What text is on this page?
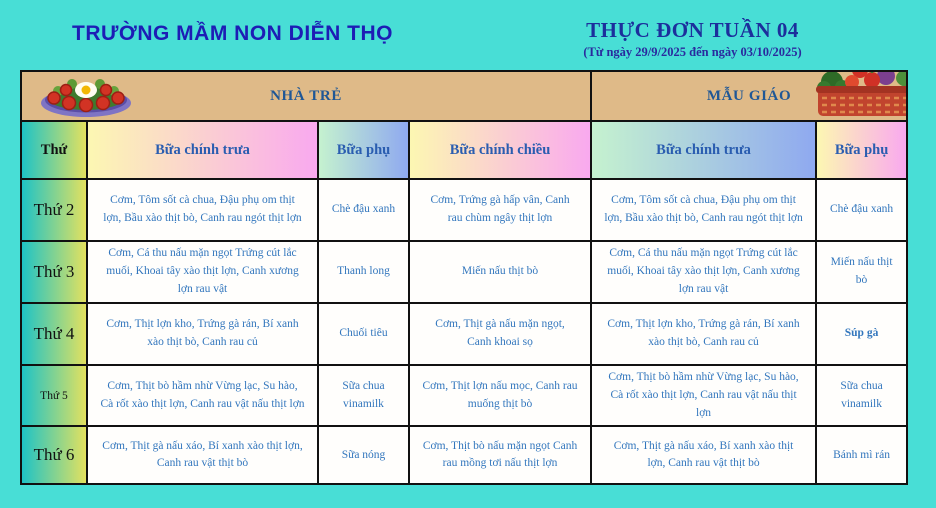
TRƯỜNG MẦM NON DIỄN THỌ	THỰC ĐƠN TUẦN 04
(Từ ngày 29/9/2025 đến ngày 03/10/2025)
NHÀ TRẺ				MẪU GIÁO	

Thứ	Bữa chính trưa	Bữa phụ	Bữa chính chiều	Bữa chính trưa	Bữa phụ
Thứ 2	Cơm, Tôm sốt cà chua, Đậu phụ om thịt lợn, Bầu xào thịt bò, Canh rau ngót thịt lợn	Chè đậu xanh	Cơm, Trứng gà hấp vân, Canh rau chùm ngây thịt lợn	Cơm, Tôm sốt cà chua, Đậu phụ om thịt lợn, Bầu xào thịt bò, Canh rau ngót thịt lợn	Chè đậu xanh
Thứ 3	Cơm, Cá thu nấu mặn ngọt Trứng cút lắc muối, Khoai tây xào thịt lợn, Canh xương lợn rau vật	Thanh long	Miến nấu thịt bò	Cơm, Cá thu nấu mặn ngọt Trứng cút lắc muối, Khoai tây xào thịt lợn, Canh xương lợn rau vật	Miến nấu thịt bò
Thứ 4	Cơm, Thịt lợn kho, Trứng gà rán, Bí xanh xào thịt bò, Canh rau củ	Chuối tiêu	Cơm, Thịt gà nấu mặn ngọt, Canh khoai sọ	Cơm, Thịt lợn kho, Trứng gà rán, Bí xanh xào thịt bò, Canh rau củ	Súp gà
Thứ 5	Cơm, Thịt bò hầm nhừ Vừng lạc, Su hào, Cà rốt xào thịt lợn, Canh rau vật nấu thịt lợn	Sữa chua vinamilk	Cơm, Thịt lợn nấu mọc, Canh rau muống thịt bò	Cơm, Thịt bò hầm nhừ Vừng lạc, Su hào, Cà rốt xào thịt lợn, Canh rau vật nấu thịt lợn	Sữa chua vinamilk
Thứ 6	Cơm, Thịt gà nấu xáo, Bí xanh xào thịt lợn, Canh rau vật thịt bò	Sữa nóng	Cơm, Thịt bò nấu mặn ngọt Canh rau mồng tơi nấu thịt lợn	Cơm, Thịt gà nấu xáo, Bí xanh xào thịt lợn, Canh rau vật thịt bò	Bánh mì rán
